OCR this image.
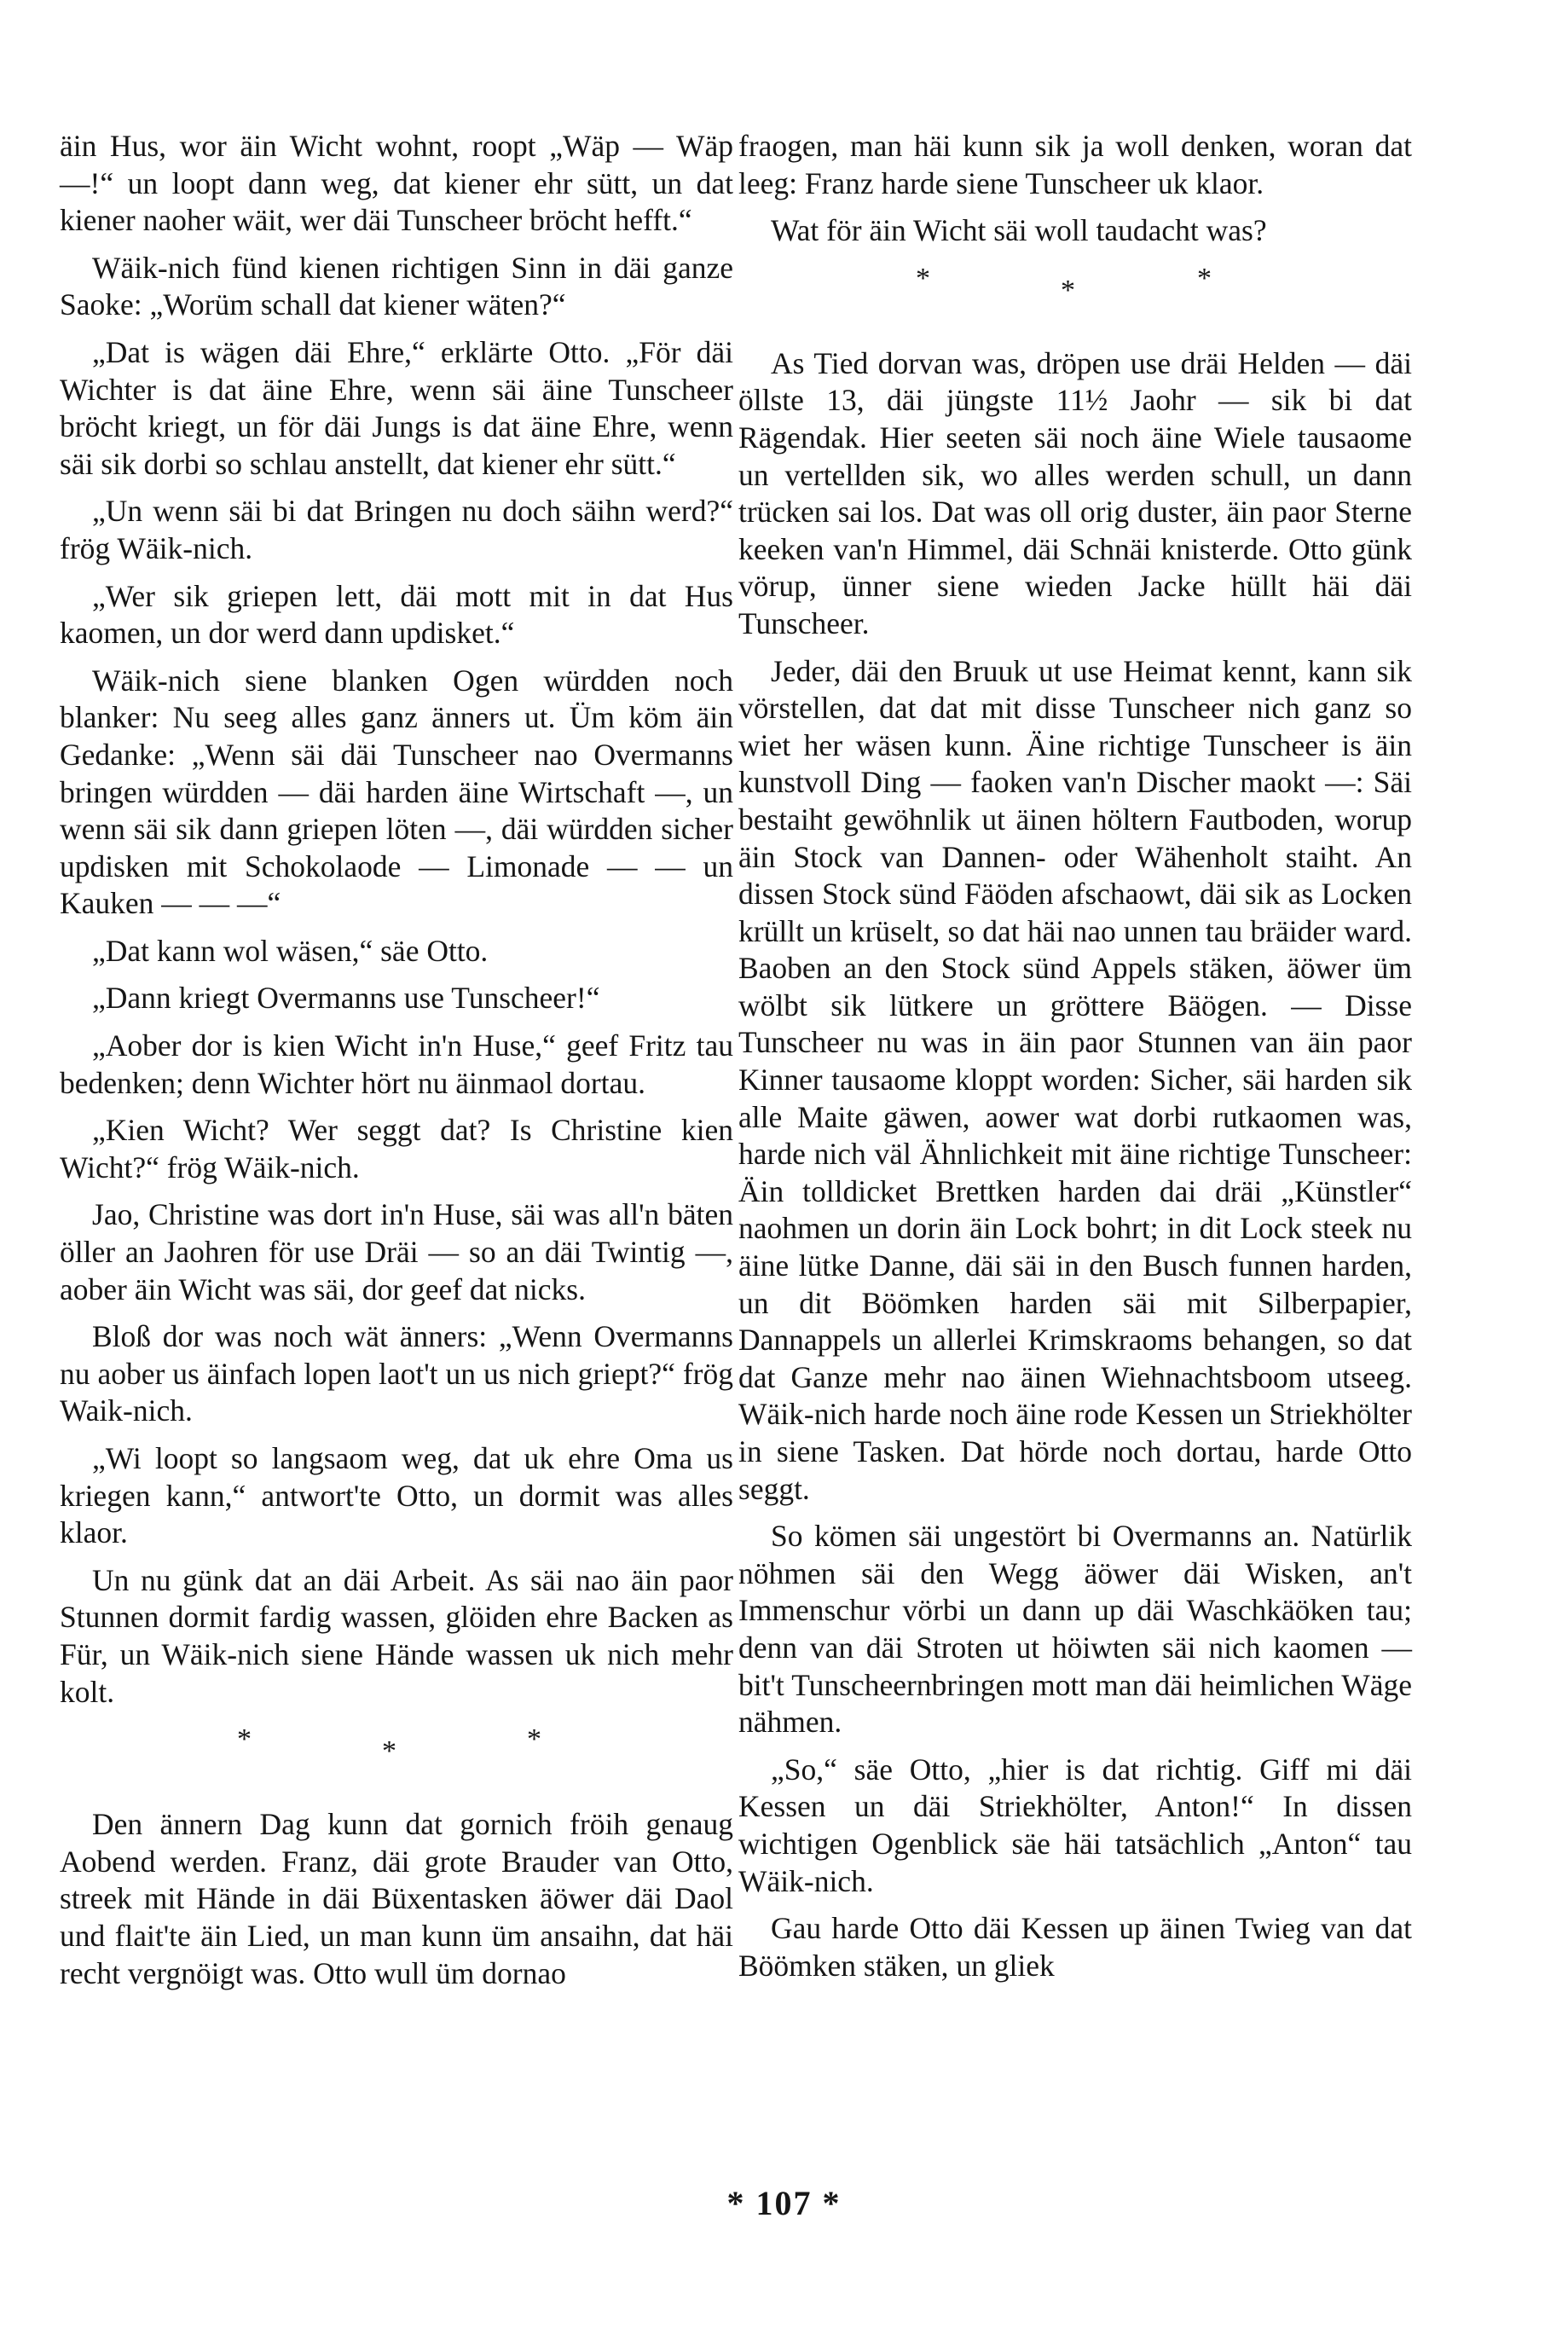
äin Hus, wor äin Wicht wohnt, roopt „Wäp — Wäp —!“ un loopt dann weg, dat kiener ehr sütt, un dat kiener naoher wäit, wer däi Tunscheer bröcht hefft.“

Wäik-nich fünd kienen richtigen Sinn in däi ganze Saoke: „Worüm schall dat kiener wäten?“

„Dat is wägen däi Ehre,“ erklärte Otto. „För däi Wichter is dat äine Ehre, wenn säi äine Tunscheer bröcht kriegt, un för däi Jungs is dat äine Ehre, wenn säi sik dorbi so schlau anstellt, dat kiener ehr sütt.“

„Un wenn säi bi dat Bringen nu doch säihn werd?“ frög Wäik-nich.

„Wer sik griepen lett, däi mott mit in dat Hus kaomen, un dor werd dann updisket.“

Wäik-nich siene blanken Ogen würdden noch blanker: Nu seeg alles ganz änners ut. Üm köm äin Gedanke: „Wenn säi däi Tunscheer nao Overmanns bringen würdden — däi harden äine Wirtschaft —, un wenn säi sik dann griepen löten —, däi würdden sicher updisken mit Schokolaode — Limonade — — un Kauken — — —“

„Dat kann wol wäsen,“ säe Otto.

„Dann kriegt Overmanns use Tunscheer!“

„Aober dor is kien Wicht in'n Huse,“ geef Fritz tau bedenken; denn Wichter hört nu äinmaol dortau.

„Kien Wicht? Wer seggt dat? Is Christine kien Wicht?“ frög Wäik-nich.

Jao, Christine was dort in'n Huse, säi was all'n bäten öller an Jaohren för use Dräi — so an däi Twintig —, aober äin Wicht was säi, dor geef dat nicks.

Bloß dor was noch wät änners: „Wenn Overmanns nu aober us äinfach lopen laot't un us nich griept?“ frög Waik-nich.

„Wi loopt so langsaom weg, dat uk ehre Oma us kriegen kann,“ antwort'te Otto, un dormit was alles klaor.

Un nu günk dat an däi Arbeit. As säi nao äin paor Stunnen dormit fardig wassen, glöiden ehre Backen as Für, un Wäik-nich siene Hände wassen uk nich mehr kolt.

*	*	*

Den ännern Dag kunn dat gornich fröih genaug Aobend werden. Franz, däi grote Brauder van Otto, streek mit Hände in däi Büxentasken äöwer däi Daol und flait'te äin Lied, un man kunn üm ansaihn, dat häi recht vergnöigt was. Otto wull üm dornao

fraogen, man häi kunn sik ja woll denken, woran dat leeg: Franz harde siene Tunscheer uk klaor.

Wat för äin Wicht säi woll taudacht was?

*	*	*

As Tied dorvan was, dröpen use dräi Helden — däi öllste 13, däi jüngste 11½ Jaohr — sik bi dat Rägendak. Hier seeten säi noch äine Wiele tausaome un vertellden sik, wo alles werden schull, un dann trücken sai los. Dat was oll orig duster, äin paor Sterne keeken van'n Himmel, däi Schnäi knisterde. Otto günk vörup, ünner siene wieden Jacke hüllt häi däi Tunscheer.

Jeder, däi den Bruuk ut use Heimat kennt, kann sik vörstellen, dat dat mit disse Tunscheer nich ganz so wiet her wäsen kunn. Äine richtige Tunscheer is äin kunstvoll Ding — faoken van'n Discher maokt —: Säi bestaiht gewöhnlik ut äinen höltern Fautboden, worup äin Stock van Dannen- oder Wähenholt staiht. An dissen Stock sünd Fäöden afschaowt, däi sik as Locken krüllt un krüselt, so dat häi nao unnen tau bräider ward. Baoben an den Stock sünd Appels stäken, äöwer üm wölbt sik lütkere un gröttere Bäögen. — Disse Tunscheer nu was in äin paor Stunnen van äin paor Kinner tausaome kloppt worden: Sicher, säi harden sik alle Maite gäwen, aower wat dorbi rutkaomen was, harde nich väl Ähnlichkeit mit äine richtige Tunscheer: Äin tolldicket Brettken harden dai dräi „Künstler“ naohmen un dorin äin Lock bohrt; in dit Lock steek nu äine lütke Danne, däi säi in den Busch funnen harden, un dit Böömken harden säi mit Silberpapier, Dannappels un allerlei Krimskraoms behangen, so dat dat Ganze mehr nao äinen Wiehnachtsboom utseeg. Wäik-nich harde noch äine rode Kessen un Striekhölter in siene Tasken. Dat hörde noch dortau, harde Otto seggt.

So kömen säi ungestört bi Overmanns an. Natürlik nöhmen säi den Wegg äöwer däi Wisken, an't Immenschur vörbi un dann up däi Waschkäöken tau; denn van däi Stroten ut höiwten säi nich kaomen — bit't Tunscheernbringen mott man däi heimlichen Wäge nähmen.

„So,“ säe Otto, „hier is dat richtig. Giff mi däi Kessen un däi Striekhölter, Anton!“ In dissen wichtigen Ogenblick säe häi tatsächlich „Anton“ tau Wäik-nich.

Gau harde Otto däi Kessen up äinen Twieg van dat Böömken stäken, un gliek

* 107 *
